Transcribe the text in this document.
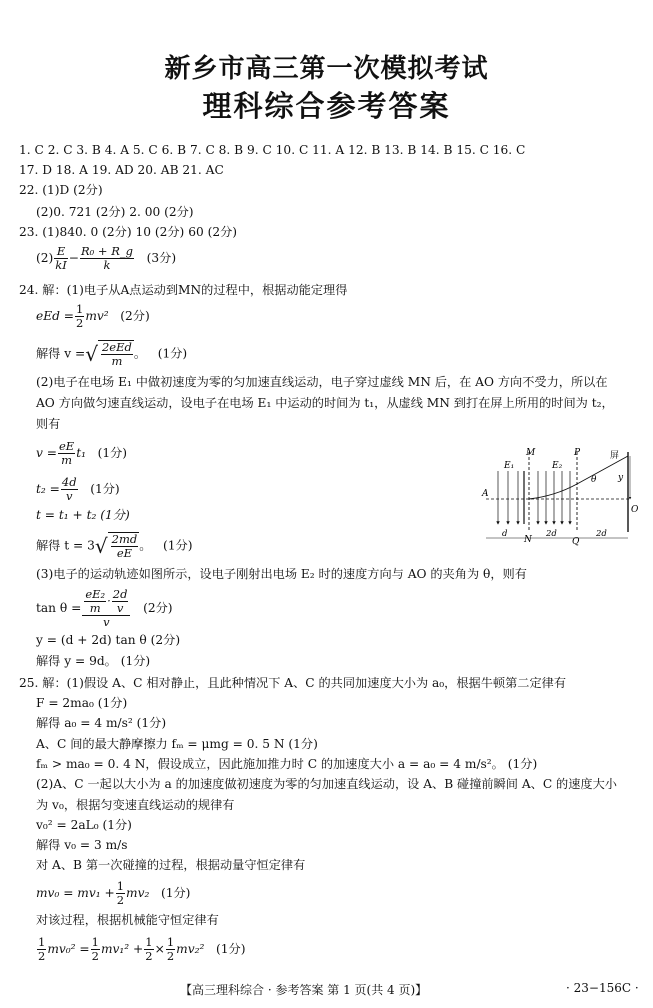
新乡市高三第一次模拟考试
理科综合参考答案
1. C 2. C 3. B 4. A 5. C 6. B 7. C 8. B 9. C 10. C 11. A 12. B 13. B 14. B 15. C 16. C
17. D 18. A 19. AD 20. AB 21. AC
22. (1)D (2分)
(2)0. 721 (2分) 2. 00 (2分)
23. (1)840. 0 (2分) 10 (2分) 60 (2分)
$(2) \frac{E}{kI} - \frac{\text{R₀ + R\_g}}{k} (3$分)
24. 解：(1)电子从A点运动到MN的过程中，根据动能定理得
eEd = $\frac{1}{2} mv^2$ (2分)
解得 v =√ $\frac{\text{2eEd}}{m}$ 。 (1分)
(2)电子在电场 E₁ 中做初速度为零的匀加速直线运动，电子穿过虚线 MN 后，在 AO 方向不受力，所以在
AO 方向做匀速直线运动，设电子在电场 E₁ 中运动的时间为 t₁，从虚线 MN 到打在屏上所用的时间为 t₂，
则有
$v = \frac{eE}{m} t_1$ (1分)
$t_2 = \frac{4d}{v} (1$分)
t = t₁ + t₂ (1分)
解得 $t = 3√ \frac{2md}{eE}$ 。 (1分)
(3)电子的运动轨迹如图所示，设电子刚射出电场 E₂ 时的速度方向与 AO 的夹角为 θ，则有
$\tan \theta = \frac{\frac{\text{eE₂}}{m} \cdot \frac{2d}{v}}{v} (2$分)
y = (d + 2d) tan θ (2分)
解得 y = 9d。 (1分)
M	P	屏
E₁	E₂
A
θ y
O
N	Q
d	2d	2d
25. 解：(1)假设 A、C 相对静止，且此种情况下 A、C 的共同加速度大小为 a₀，根据牛顿第二定律有
F = 2ma₀ (1分)
解得 a₀ = 4 m/s² (1分)
A、C 间的最大静摩擦力 fₘ = μmg = 0. 5 N (1分)
fₘ > ma₀ = 0. 4 N，假设成立，因此施加推力时 C 的加速度大小 a = a₀ = 4 m/s²。 (1分)
(2)A、C 一起以大小为 a 的加速度做初速度为零的匀加速直线运动，设 A、B 碰撞前瞬间 A、C 的速度大小
为 v₀，根据匀变速直线运动的规律有
v₀² = 2aL₀ (1分)
解得 v₀ = 3 m/s
对 A、B 第一次碰撞的过程，根据动量守恒定律有
$mv_0 = mv_1 + \frac{1}{2} mv_2$ (1分)
对该过程，根据机械能守恒定律有
$\frac{1}{2} mv_0^2 = \frac{1}{2} mv_1^2 + \frac{1}{2} \times \frac{1}{2} mv_2^2$ (1分)
【高三理科综合 · 参考答案 第 1 页(共 4 页)】	· 23−156C ·
